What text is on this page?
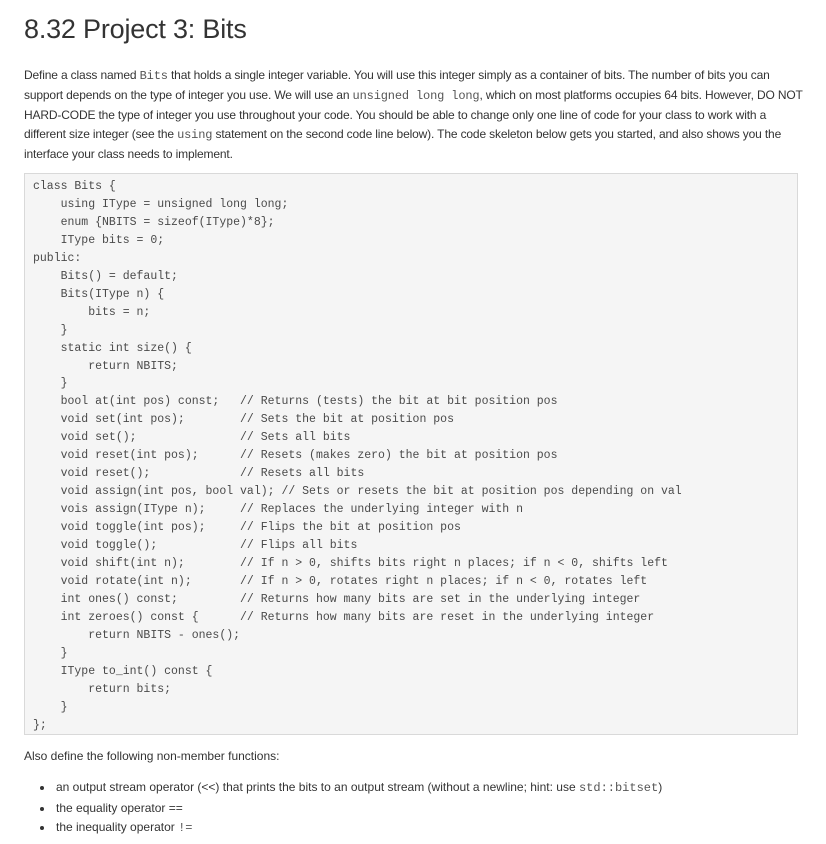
8.32 Project 3: Bits

Define a class named Bits that holds a single integer variable. You will use this integer simply as a container of bits. The number of bits you can support depends on the type of integer you use. We will use an unsigned long long, which on most platforms occupies 64 bits. However, DO NOT HARD-CODE the type of integer you use throughout your code. You should be able to change only one line of code for your class to work with a different size integer (see the using statement on the second code line below). The code skeleton below gets you started, and also shows you the interface your class needs to implement.

class Bits {
using IType = unsigned long long;
enum {NBITS = sizeof(IType)*8};
IType bits = 0;
public:
Bits() = default;
Bits(IType n) {
bits = n;
}
static int size() {
return NBITS;
}
bool at(int pos) const;   // Returns (tests) the bit at bit position pos
void set(int pos);        // Sets the bit at position pos
void set();               // Sets all bits
void reset(int pos);      // Resets (makes zero) the bit at position pos
void reset();             // Resets all bits
void assign(int pos, bool val); // Sets or resets the bit at position pos depending on val
vois assign(IType n);     // Replaces the underlying integer with n
void toggle(int pos);     // Flips the bit at position pos
void toggle();            // Flips all bits
void shift(int n);        // If n > 0, shifts bits right n places; if n < 0, shifts left
void rotate(int n);       // If n > 0, rotates right n places; if n < 0, rotates left
int ones() const;         // Returns how many bits are set in the underlying integer
int zeroes() const {      // Returns how many bits are reset in the underlying integer
return NBITS - ones();
}
IType to_int() const {
return bits;
}
};

Also define the following non-member functions:

• an output stream operator (<<) that prints the bits to an output stream (without a newline; hint: use std::bitset)
• the equality operator ==
• the inequality operator !=
